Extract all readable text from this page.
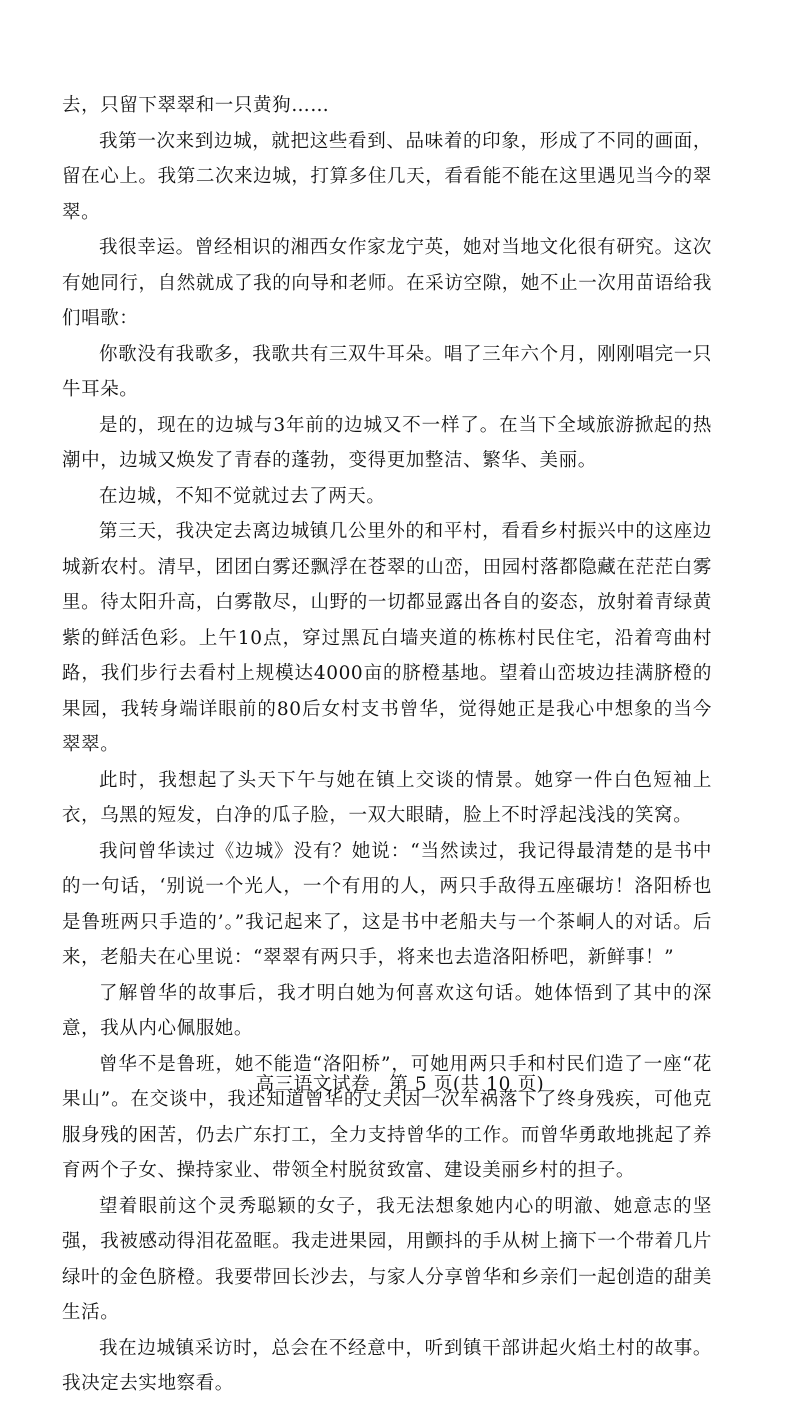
去，只留下翠翠和一只黄狗……

我第一次来到边城，就把这些看到、品味着的印象，形成了不同的画面，留在心上。我第二次来边城，打算多住几天，看看能不能在这里遇见当今的翠翠。

我很幸运。曾经相识的湘西女作家龙宁英，她对当地文化很有研究。这次有她同行，自然就成了我的向导和老师。在采访空隙，她不止一次用苗语给我们唱歌：

你歌没有我歌多，我歌共有三双牛耳朵。唱了三年六个月，刚刚唱完一只牛耳朵。

是的，现在的边城与3年前的边城又不一样了。在当下全域旅游掀起的热潮中，边城又焕发了青春的蓬勃，变得更加整洁、繁华、美丽。

在边城，不知不觉就过去了两天。

第三天，我决定去离边城镇几公里外的和平村，看看乡村振兴中的这座边城新农村。清早，团团白雾还飘浮在苍翠的山峦，田园村落都隐藏在茫茫白雾里。待太阳升高，白雾散尽，山野的一切都显露出各自的姿态，放射着青绿黄紫的鲜活色彩。上午10点，穿过黑瓦白墙夹道的栋栋村民住宅，沿着弯曲村路，我们步行去看村上规模达4000亩的脐橙基地。望着山峦坡边挂满脐橙的果园，我转身端详眼前的80后女村支书曾华，觉得她正是我心中想象的当今翠翠。

此时，我想起了头天下午与她在镇上交谈的情景。她穿一件白色短袖上衣，乌黑的短发，白净的瓜子脸，一双大眼睛，脸上不时浮起浅浅的笑窝。

我问曾华读过《边城》没有？她说：“当然读过，我记得最清楚的是书中的一句话，‘别说一个光人，一个有用的人，两只手敌得五座碾坊！洛阳桥也是鲁班两只手造的’。”我记起来了，这是书中老船夫与一个茶峒人的对话。后来，老船夫在心里说：“翠翠有两只手，将来也去造洛阳桥吧，新鲜事！”

了解曾华的故事后，我才明白她为何喜欢这句话。她体悟到了其中的深意，我从内心佩服她。

曾华不是鲁班，她不能造“洛阳桥”，可她用两只手和村民们造了一座“花果山”。在交谈中，我还知道曾华的丈夫因一次车祸落下了终身残疾，可他克服身残的困苦，仍去广东打工，全力支持曾华的工作。而曾华勇敢地挑起了养育两个子女、操持家业、带领全村脱贫致富、建设美丽乡村的担子。

望着眼前这个灵秀聪颖的女子，我无法想象她内心的明澈、她意志的坚强，我被感动得泪花盈眶。我走进果园，用颤抖的手从树上摘下一个带着几片绿叶的金色脐橙。我要带回长沙去，与家人分享曾华和乡亲们一起创造的甜美生活。

我在边城镇采访时，总会在不经意中，听到镇干部讲起火焰土村的故事。我决定去实地察看。

高三语文试卷　第 5 页(共 10 页)
